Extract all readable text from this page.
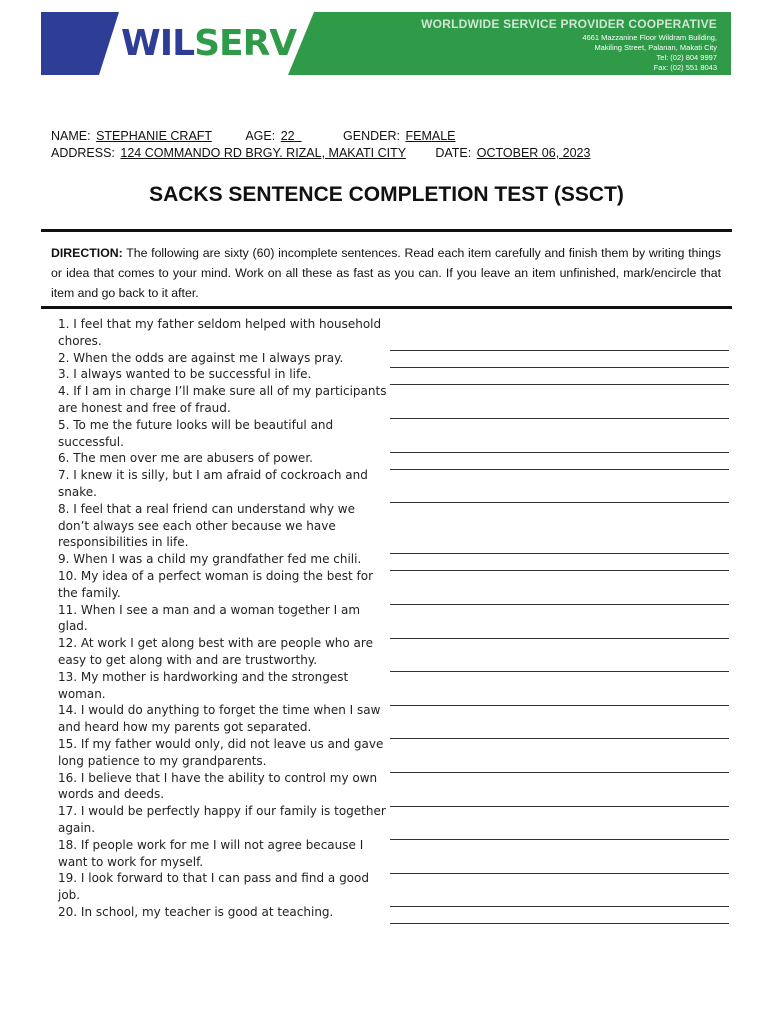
WILSERV	WORLDWIDE SERVICE PROVIDER COOPERATIVE
4661 Mazzanine Floor Wildram Building,
Makiling Street, Palanan, Makati City
Tel: (02) 804 9997
Fax: (02) 551 8043
NAME: STEPHANIE CRAFT	AGE: 22	GENDER: FEMALE
ADDRESS: 124 COMMANDO RD BRGY. RIZAL, MAKATI CITY DATE: OCTOBER 06, 2023
SACKS SENTENCE COMPLETION TEST (SSCT)
DIRECTION: The following are sixty (60) incomplete sentences. Read each item carefully and finish them by writing things or idea that comes to your mind. Work on all these as fast as you can. If you leave an item unfinished, mark/encircle that item and go back to it after.

1. I feel that my father seldom helped with household chores.

2. When the odds are against me I always pray.

3. I always wanted to be successful in life.

4. If I am in charge I’ll make sure all of my participants are honest and free of fraud.

5. To me the future looks will be beautiful and successful.

6. The men over me are abusers of power.

7. I knew it is silly, but I am afraid of cockroach and snake.

8. I feel that a real friend can understand why we don’t always see each other because we have responsibilities in life.

9. When I was a child my grandfather fed me chili.

10. My idea of a perfect woman is doing the best for the family.

11. When I see a man and a woman together I am glad.

12. At work I get along best with are people who are easy to get along with and are trustworthy.

13. My mother is hardworking and the strongest woman.

14. I would do anything to forget the time when I saw and heard how my parents got separated.

15. If my father would only, did not leave us and gave long patience to my grandparents.

16. I believe that I have the ability to control my own words and deeds.

17. I would be perfectly happy if our family is together again.

18. If people work for me I will not agree because I want to work for myself.

19. I look forward to that I can pass and find a good job.

20. In school, my teacher is good at teaching.
